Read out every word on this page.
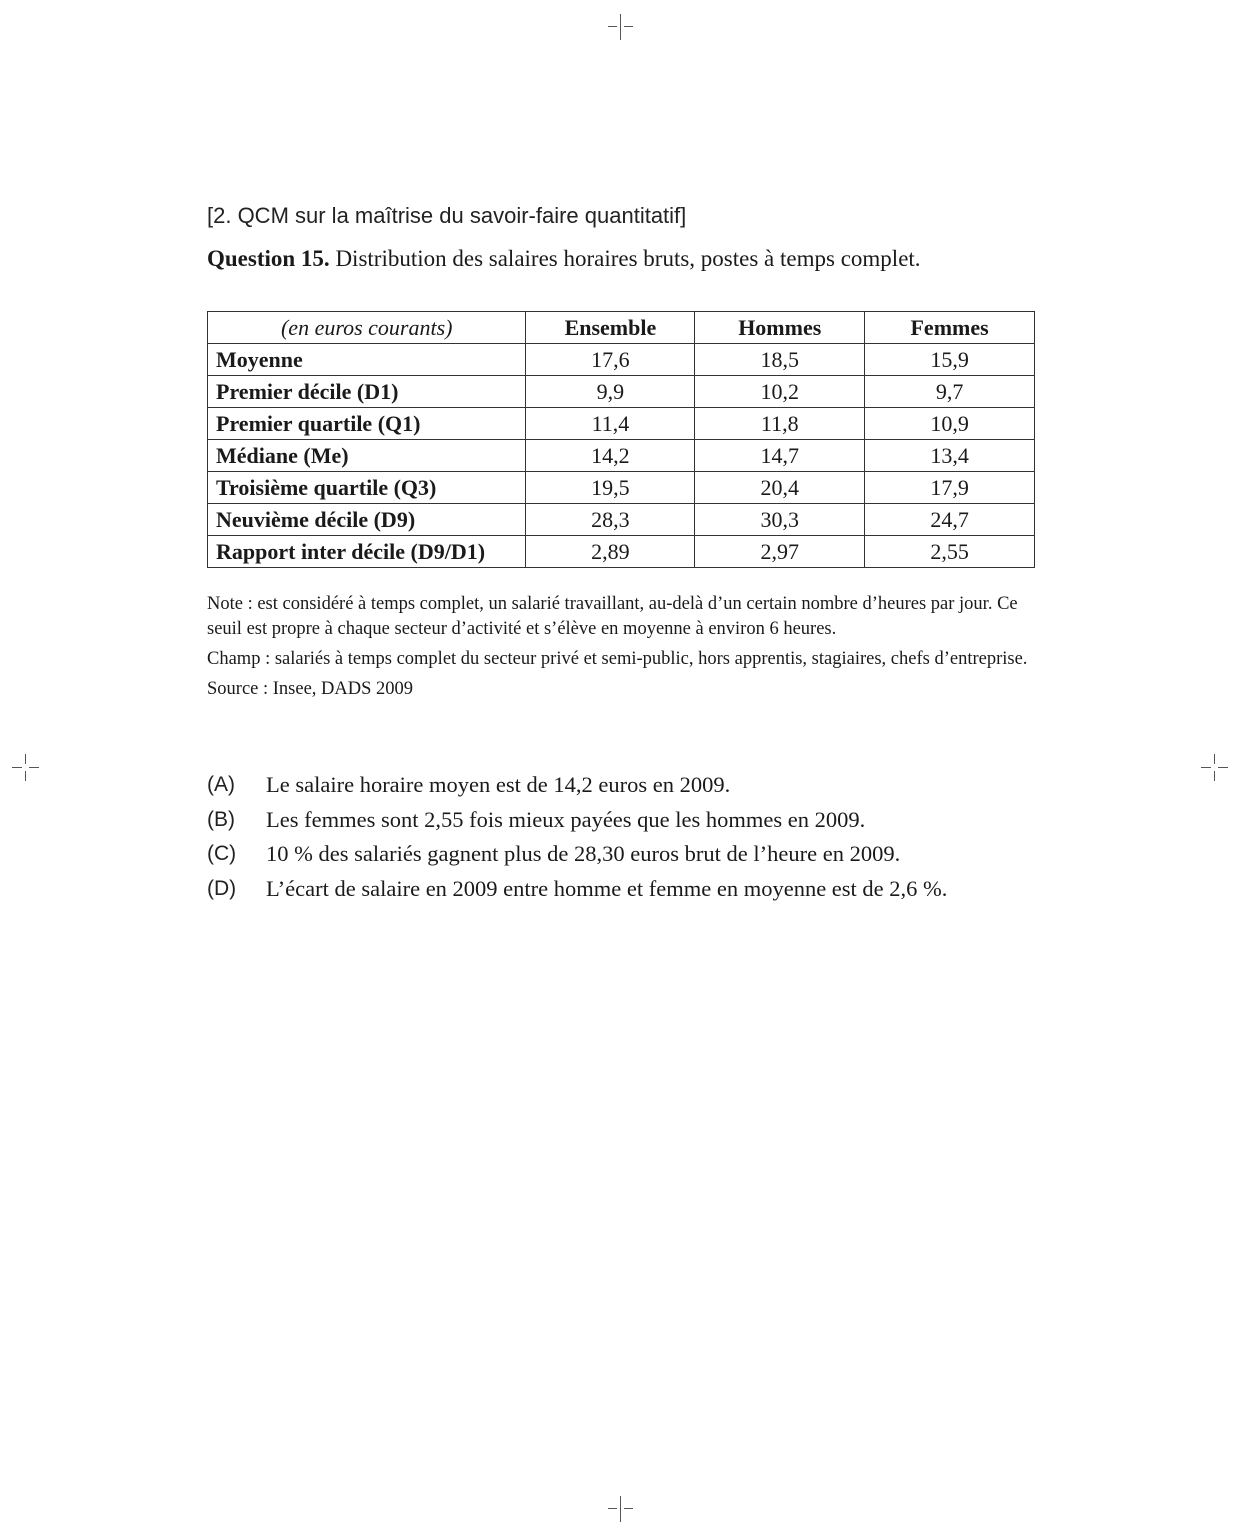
[2. QCM sur la maîtrise du savoir-faire quantitatif]
Question 15. Distribution des salaires horaires bruts, postes à temps complet.
(en euros courants)	Ensemble	Hommes	Femmes
Moyenne	17,6	18,5	15,9
Premier décile (D1)	9,9	10,2	9,7
Premier quartile (Q1)	11,4	11,8	10,9
Médiane (Me)	14,2	14,7	13,4
Troisième quartile (Q3)	19,5	20,4	17,9
Neuvième décile (D9)	28,3	30,3	24,7
Rapport inter décile (D9/D1)	2,89	2,97	2,55

Note : est considéré à temps complet, un salarié travaillant, au-delà d’un certain nombre d’heures par jour. Ce seuil est propre à chaque secteur d’activité et s’élève en moyenne à environ 6 heures.

Champ : salariés à temps complet du secteur privé et semi-public, hors apprentis, stagiaires, chefs d’entreprise.

Source : Insee, DADS 2009

(A)	Le salaire horaire moyen est de 14,2 euros en 2009.
(B)	Les femmes sont 2,55 fois mieux payées que les hommes en 2009.
(C)	10 % des salariés gagnent plus de 28,30 euros brut de l’heure en 2009.
(D)	L’écart de salaire en 2009 entre homme et femme en moyenne est de 2,6 %.
